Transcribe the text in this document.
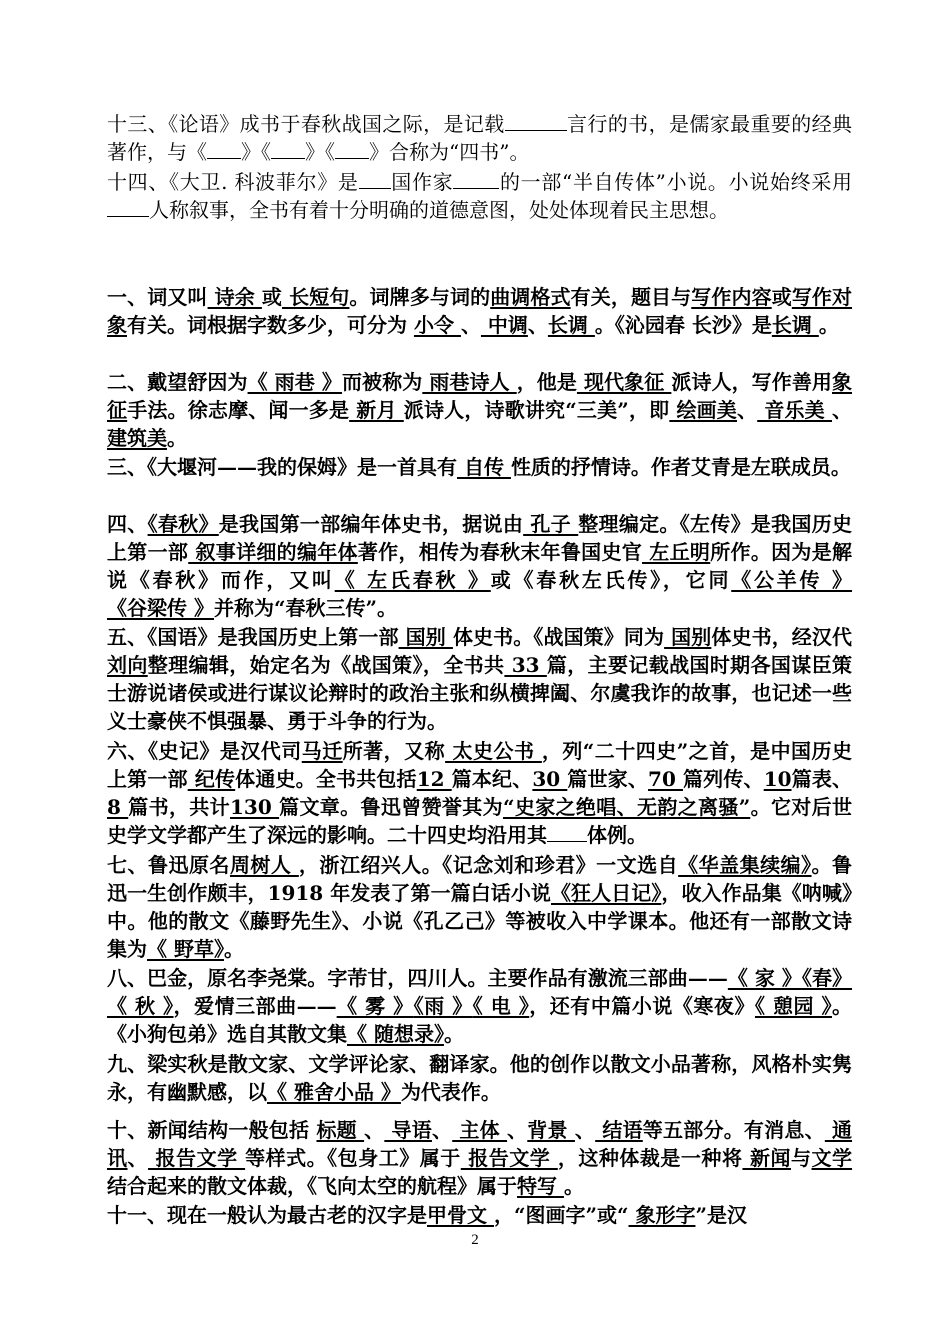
十三、《论语》成书于春秋战国之际，是记载	言行的书，是儒家最重要的经典著作，与《 》《 》《 》合称为“四书”。

十四、《大卫. 科波菲尔》是 国作家 的一部“半自传体”小说。小说始终采用人称叙事，全书有着十分明确的道德意图，处处体现着民主思想。

一、词又叫 诗余 或 长短句。词牌多与词的曲调格式有关，题目与写作内容或写作对象有关。词根据字数多少，可分为 小令 、 中调、长调 。《沁园春 长沙》是长调 。

二、戴望舒因为《 雨巷 》而被称为 雨巷诗人 ，他是 现代象征 派诗人，写作善用象征手法。徐志摩、闻一多是 新月 派诗人，诗歌讲究“三美”，即 绘画美、 音乐美 、 建筑美。

三、《大堰河——我的保姆》是一首具有 自传 性质的抒情诗。作者艾青是左联成员。

四、《春秋》是我国第一部编年体史书，据说由 孔子 整理编定。《左传》是我国历史上第一部 叙事详细的编年体著作，相传为春秋末年鲁国史官 左丘明所作。因为是解说《春秋》而作，又叫《 左氏春秋 》或《春秋左氏传》，它同《公羊传 》《谷梁传 》并称为“春秋三传”。

五、《国语》是我国历史上第一部 国别 体史书。《战国策》同为 国别体史书，经汉代刘向整理编辑，始定名为《战国策》，全书共 33 篇，主要记载战国时期各国谋臣策士游说诸侯或进行谋议论辩时的政治主张和纵横捭阖、尔虞我诈的故事，也记述一些义士豪侠不惧强暴、勇于斗争的行为。

六、《史记》是汉代司马迁所著，又称 太史公书 ，列“二十四史”之首，是中国历史上第一部 纪传体通史。全书共包括12 篇本纪、30 篇世家、70 篇列传、10篇表、8 篇书，共计130 篇文章。鲁迅曾赞誉其为“史家之绝唱、无韵之离骚”。它对后世史学文学都产生了深远的影响。二十四史均沿用其 体例。

七、鲁迅原名周树人 ，浙江绍兴人。《记念刘和珍君》一文选自《华盖集续编》。鲁迅一生创作颇丰，1918 年发表了第一篇白话小说《狂人日记》，收入作品集《呐喊》中。他的散文《藤野先生》、小说《孔乙己》等被收入中学课本。他还有一部散文诗集为《 野草》。

八、巴金，原名李尧棠。字芾甘，四川人。主要作品有激流三部曲——《 家 》《春》《 秋 》，爱情三部曲——《 雾 》《雨 》《 电 》，还有中篇小说《寒夜》《 憩园 》。《小狗包弟》选自其散文集《 随想录》。

九、梁实秋是散文家、文学评论家、翻译家。他的创作以散文小品著称，风格朴实隽永，有幽默感，以《 雅舍小品 》为代表作。

十、新闻结构一般包括 标题 、 导语、 主体 、背景 、 结语等五部分。有消息、 通讯、 报告文学 等样式。《包身工》属于 报告文学 ，这种体裁是一种将 新闻与文学 结合起来的散文体裁，《飞向太空的航程》属于特写 。

十一、现在一般认为最古老的汉字是甲骨文 ，“图画字”或“ 象形字”是汉

2
